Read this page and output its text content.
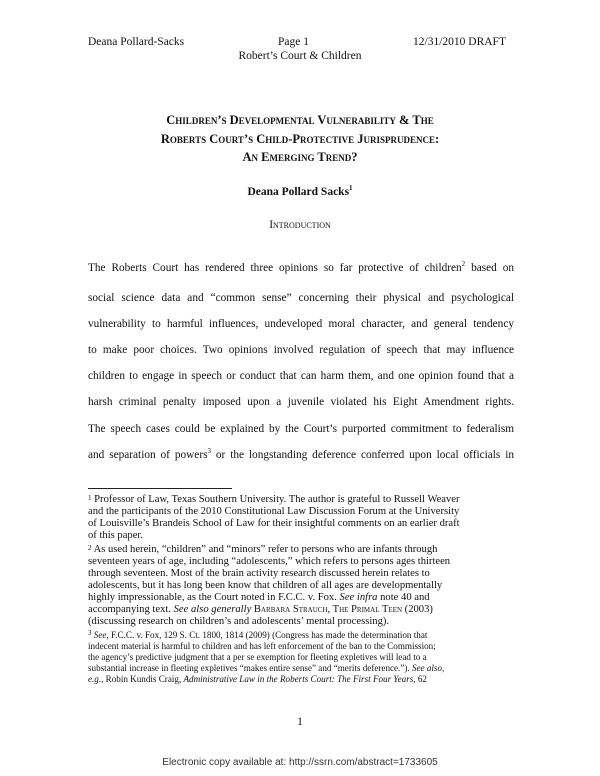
Deana Pollard-Sacks	Page 1	12/31/2010 DRAFT
Robert’s Court & Children
Children’s Developmental Vulnerability & The
Roberts Court’s Child-Protective Jurisprudence:
An Emerging Trend?
Deana Pollard Sacks$^1$
Introduction
The Roberts Court has rendered three opinions so far protective of children$^2$ based on
social science data and “common sense” concerning their physical and psychological
vulnerability to harmful influences, undeveloped moral character, and general tendency
to make poor choices. Two opinions involved regulation of speech that may influence
children to engage in speech or conduct that can harm them, and one opinion found that a
harsh criminal penalty imposed upon a juvenile violated his Eight Amendment rights.
The speech cases could be explained by the Court’s purported commitment to federalism
and separation of powers$^3$ or the longstanding deference conferred upon local officials in
$^1$ Professor of Law, Texas Southern University. The author is grateful to Russell Weaver
and the participants of the 2010 Constitutional Law Discussion Forum at the University
of Louisville’s Brandeis School of Law for their insightful comments on an earlier draft
of this paper.
$^2$ As used herein, “children” and “minors” refer to persons who are infants through
seventeen years of age, including “adolescents,” which refers to persons ages thirteen
through seventeen. Most of the brain activity research discussed herein relates to
adolescents, but it has long been know that children of all ages are developmentally
highly impressionable, as the Court noted in F.C.C. v. Fox. See infra note 40 and
accompanying text. See also generally Barbara Strauch, The Primal Teen (2003)
(discussing research on children’s and adolescents’ mental processing).
$^3$ See, F.C.C. v. Fox, 129 S. Ct. 1800, 1814 (2009) (Congress has made the determination that
indecent material is harmful to children and has left enforcement of the ban to the Commission;
the agency’s predictive judgment that a per se exemption for fleeting expletives will lead to a
substantial increase in fleeting expletives “makes entire sense” and “merits deference.”). See also,
e.g., Robin Kundis Craig, Administrative Law in the Roberts Court: The First Four Years, 62
1
Electronic copy available at: http://ssrn.com/abstract=1733605
